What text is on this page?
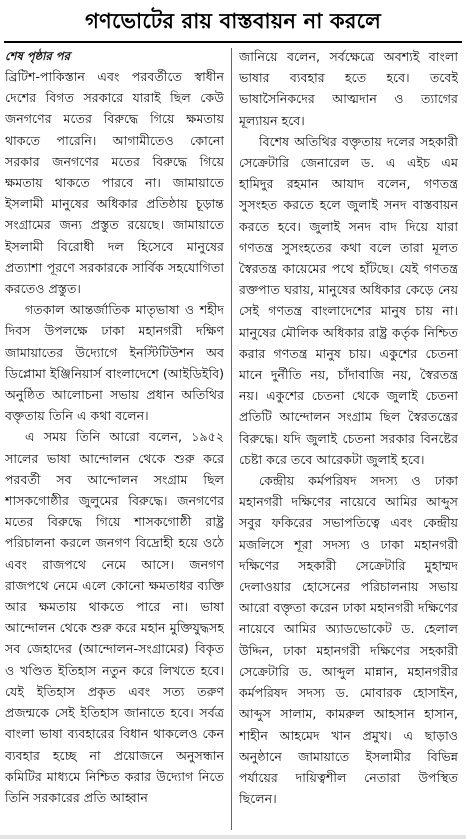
গণভোটের রায় বাস্তবায়ন না করলে

শেষ পৃষ্ঠার পর

ব্রিটিশ-পাকিস্তান এবং পরবর্তীতে স্বাধীন দেশের বিগত সরকারে যারাই ছিল কেউ জনগণের মতের বিরুদ্ধে গিয়ে ক্ষমতায় থাকতে পারেনি। আগামীতেও কোনো সরকার জনগণের মতের বিরুদ্ধে গিয়ে ক্ষমতায় থাকতে পারবে না। জামায়াতে ইসলামী মানুষের অধিকার প্রতিষ্ঠায় চূড়ান্ত সংগ্রামের জন্য প্রস্তুত রয়েছে। জামায়াতে ইসলামী বিরোধী দল হিসেবে মানুষের প্রত্যাশা পূরণে সরকারকে সার্বিক সহযোগিতা করতেও প্রস্তুত।

গতকাল আন্তর্জাতিক মাতৃভাষা ও শহীদ দিবস উপলক্ষে ঢাকা মহানগরী দক্ষিণ জামায়াতের উদ্যোগে ইনস্টিটিউশন অব ডিপ্লোমা ইঞ্জিনিয়ার্স বাংলাদেশে (আইডিইবি) অনুষ্ঠিত আলোচনা সভায় প্রধান অতিথির বক্তৃতায় তিনি এ কথা বলেন।

এ সময় তিনি আরো বলেন, ১৯৫২ সালের ভাষা আন্দোলন থেকে শুরু করে পরবর্তী সব আন্দোলন সংগ্রাম ছিল শাসকগোষ্ঠীর জুলুমের বিরুদ্ধে। জনগণের মতের বিরুদ্ধে গিয়ে শাসকগোষ্ঠী রাষ্ট্র পরিচালনা করলে জনগণ বিদ্রোহী হয়ে ওঠে এবং রাজপথে নেমে আসে। জনগণ রাজপথে নেমে এলে কোনো ক্ষমতাধর ব্যক্তি আর ক্ষমতায় থাকতে পারে না। ভাষা আন্দোলন থেকে শুরু করে মহান মুক্তিযুদ্ধসহ সব জেহাদের (আন্দোলন-সংগ্রামের) বিকৃত ও খণ্ডিত ইতিহাস নতুন করে লিখতে হবে। যেই ইতিহাস প্রকৃত এবং সত্য তরুণ প্রজন্মকে সেই ইতিহাস জানাতে হবে। সর্বত্র বাংলা ভাষা ব্যবহারের বিধান থাকলেও কেন ব্যবহার হচ্ছে না প্রয়োজনে অনুসন্ধান কমিটির মাধ্যমে নিশ্চিত করার উদ্যোগ নিতে তিনি সরকারের প্রতি আহ্বান

জানিয়ে বলেন, সর্বক্ষেত্রে অবশ্যই বাংলা ভাষার ব্যবহার হতে হবে। তবেই ভাষাসৈনিকদের আত্মদান ও ত্যাগের মূল্যায়ন হবে।

বিশেষ অতিথির বক্তৃতায় দলের সহকারী সেক্রেটারি জেনারেল ড. এ এইচ এম হামিদুর রহমান আযাদ বলেন, গণতন্ত্র সুসংহত করতে হলে জুলাই সনদ বাস্তবায়ন করতে হবে। জুলাই সনদ বাদ দিয়ে যারা গণতন্ত্র সুসংহতের কথা বলে তারা মূলত স্বৈরতন্ত্র কায়েমের পথে হাঁটছে। যেই গণতন্ত্র রক্তপাত ঘরায়, মানুষের অধিকার কেড়ে নেয় সেই গণতন্ত্র বাংলাদেশের মানুষ চায় না। মানুষের মৌলিক অধিকার রাষ্ট্র কর্তৃক নিশ্চিত করার গণতন্ত্র মানুষ চায়। একুশের চেতনা মানে দুর্নীতি নয়, চাঁদাবাজি নয়, স্বৈরতন্ত্র নয়। একুশের চেতনা থেকে জুলাই চেতনা প্রতিটি আন্দোলন সংগ্রাম ছিল স্বৈরতন্ত্রের বিরুদ্ধে। যদি জুলাই চেতনা সরকার বিনষ্টের চেষ্টা করে তবে আরেকটা জুলাই হবে।

কেন্দ্রীয় কর্মপরিষদ সদস্য ও ঢাকা মহানগরী দক্ষিণের নায়েবে আমির আব্দুস সবুর ফকিরের সভাপতিত্বে এবং কেন্দ্রীয় মজলিসে শূরা সদস্য ও ঢাকা মহানগরী দক্ষিণের সহকারী সেক্রেটারি মুহাম্মদ দেলাওয়ার হোসেনের পরিচালনায় সভায় আরো বক্তৃতা করেন ঢাকা মহানগরী দক্ষিণের নায়েবে আমির অ্যাডভোকেট ড. হেলাল উদ্দিন, ঢাকা মহানগরী দক্ষিণের সহকারী সেক্রেটারি ড. আব্দুল মান্নান, মহানগরীর কর্মপরিষদ সদস্য ড. মোবারক হোসাইন, আব্দুস সালাম, কামরুল আহসান হাসান, শাহীন আহমেদ খান প্রমুখ। এ ছাড়াও অনুষ্ঠানে জামায়াতে ইসলামীর বিভিন্ন পর্যায়ের দায়িত্বশীল নেতারা উপস্থিত ছিলেন।
